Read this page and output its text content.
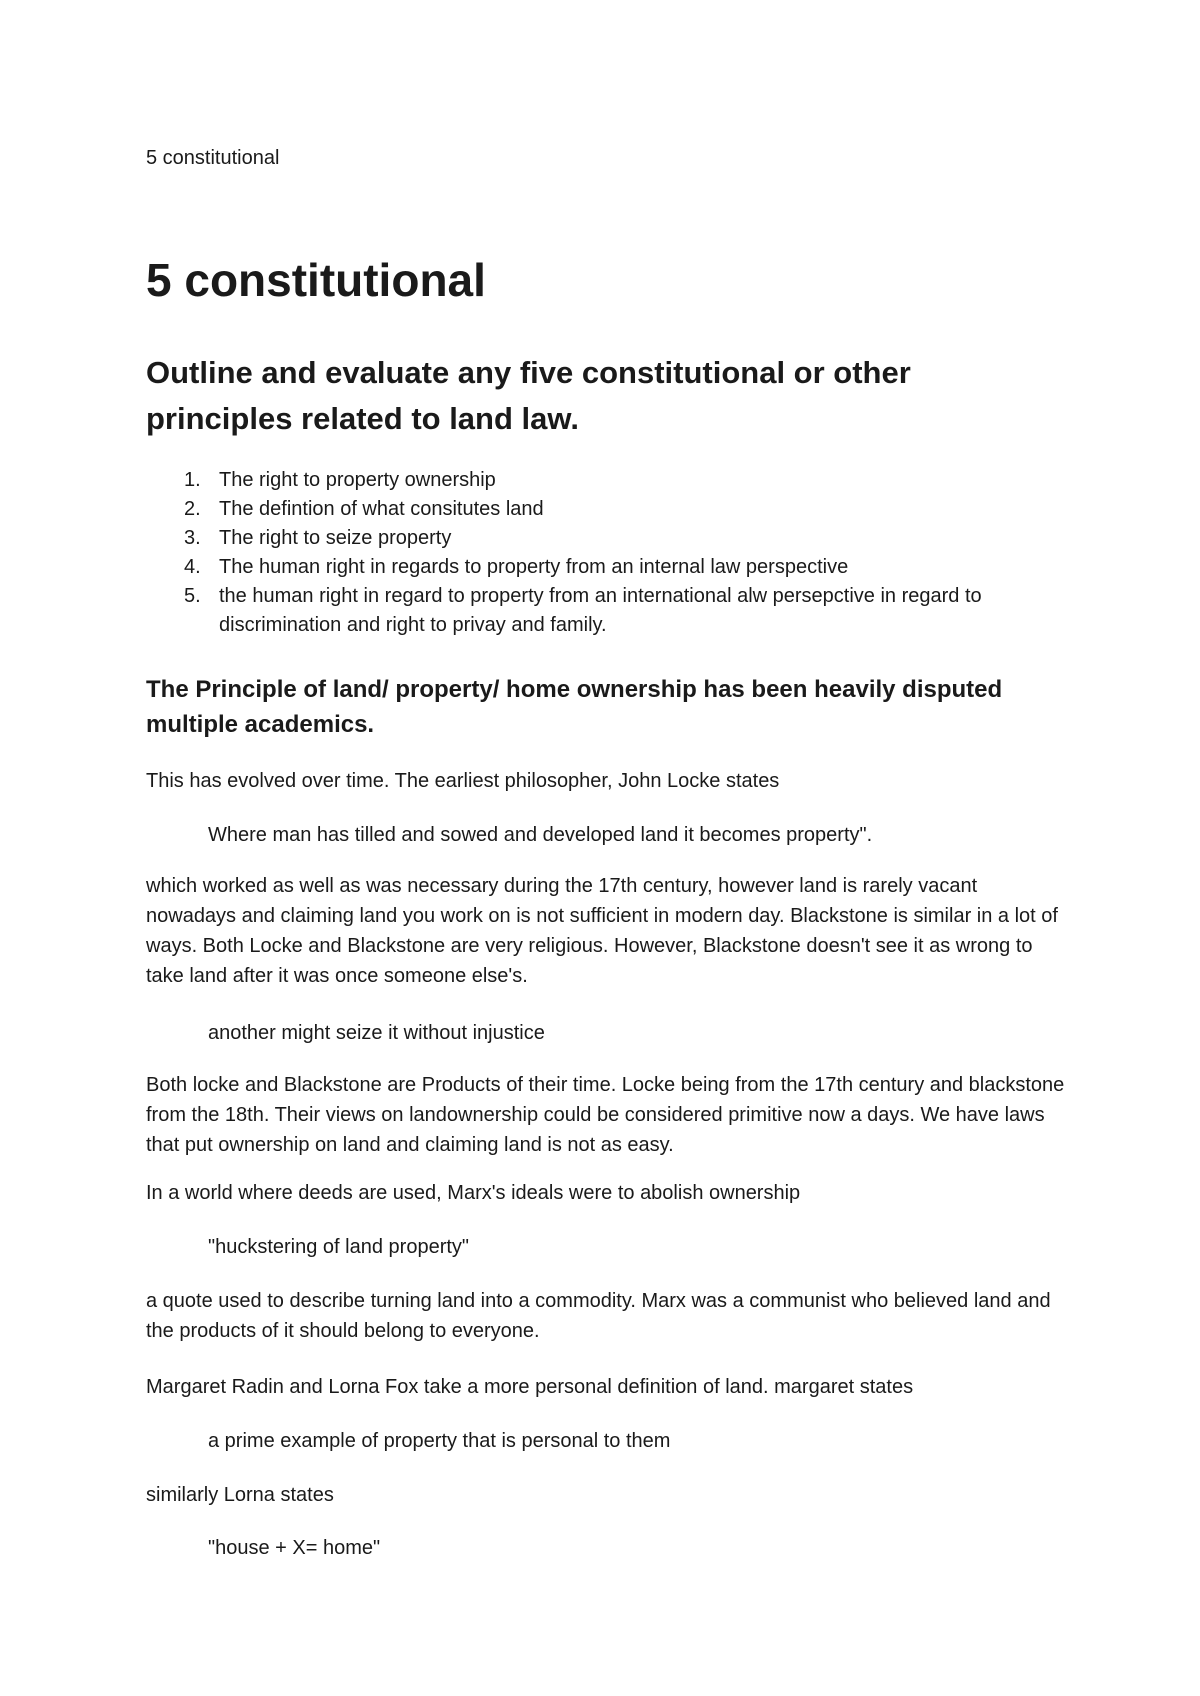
5 constitutional

5 constitutional
Outline and evaluate any five constitutional or other principles related to land law.
1. The right to property ownership
2. The defintion of what consitutes land
3. The right to seize property
4. The human right in regards to property from an internal law perspective
5. the human right in regard to property from an international alw persepctive in regard to discrimination and right to privay and family.
The Principle of land/ property/ home ownership has been heavily disputed multiple academics.

This has evolved over time. The earliest philosopher, John Locke states

Where man has tilled and sowed and developed land it becomes property".

which worked as well as was necessary during the 17th century, however land is rarely vacant nowadays and claiming land you work on is not sufficient in modern day. Blackstone is similar in a lot of ways. Both Locke and Blackstone are very religious. However, Blackstone doesn't see it as wrong to take land after it was once someone else's.

another might seize it without injustice

Both locke and Blackstone are Products of their time. Locke being from the 17th century and blackstone from the 18th. Their views on landownership could be considered primitive now a days. We have laws that put ownership on land and claiming land is not as easy.

In a world where deeds are used, Marx's ideals were to abolish ownership

"huckstering of land property"

a quote used to describe turning land into a commodity. Marx was a communist who believed land and the products of it should belong to everyone.

Margaret Radin and Lorna Fox take a more personal definition of land. margaret states

a prime example of property that is personal to them

similarly Lorna states

"house + X= home"
